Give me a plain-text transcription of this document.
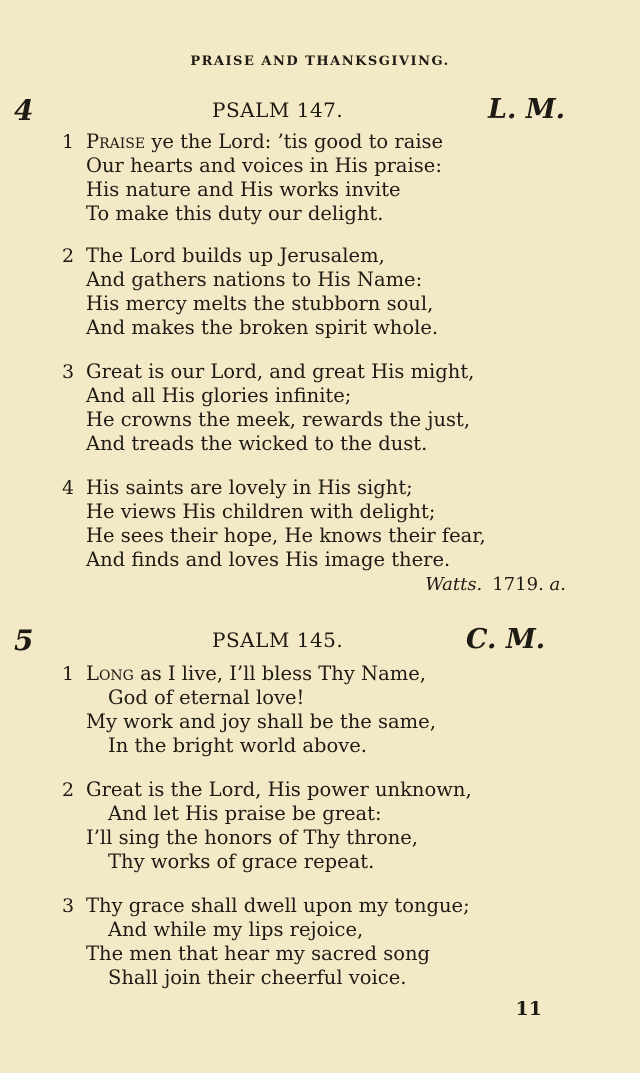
PRAISE AND THANKSGIVING.
4	PSALM 147.	L. M.
1 Praise ye the Lord: ’tis good to raise
Our hearts and voices in His praise:
His nature and His works invite
To make this duty our delight.
2 The Lord builds up Jerusalem,
And gathers nations to His Name:
His mercy melts the stubborn soul,
And makes the broken spirit whole.
3 Great is our Lord, and great His might,
And all His glories infinite;
He crowns the meek, rewards the just,
And treads the wicked to the dust.
4 His saints are lovely in His sight;
He views His children with delight;
He sees their hope, He knows their fear,
And finds and loves His image there.
Watts. 1719. a.
5	PSALM 145.	C. M.
1 Long as I live, I’ll bless Thy Name,
God of eternal love!
My work and joy shall be the same,
In the bright world above.
2 Great is the Lord, His power unknown,
And let His praise be great:
I’ll sing the honors of Thy throne,
Thy works of grace repeat.
3 Thy grace shall dwell upon my tongue;
And while my lips rejoice,
The men that hear my sacred song
Shall join their cheerful voice.
11
